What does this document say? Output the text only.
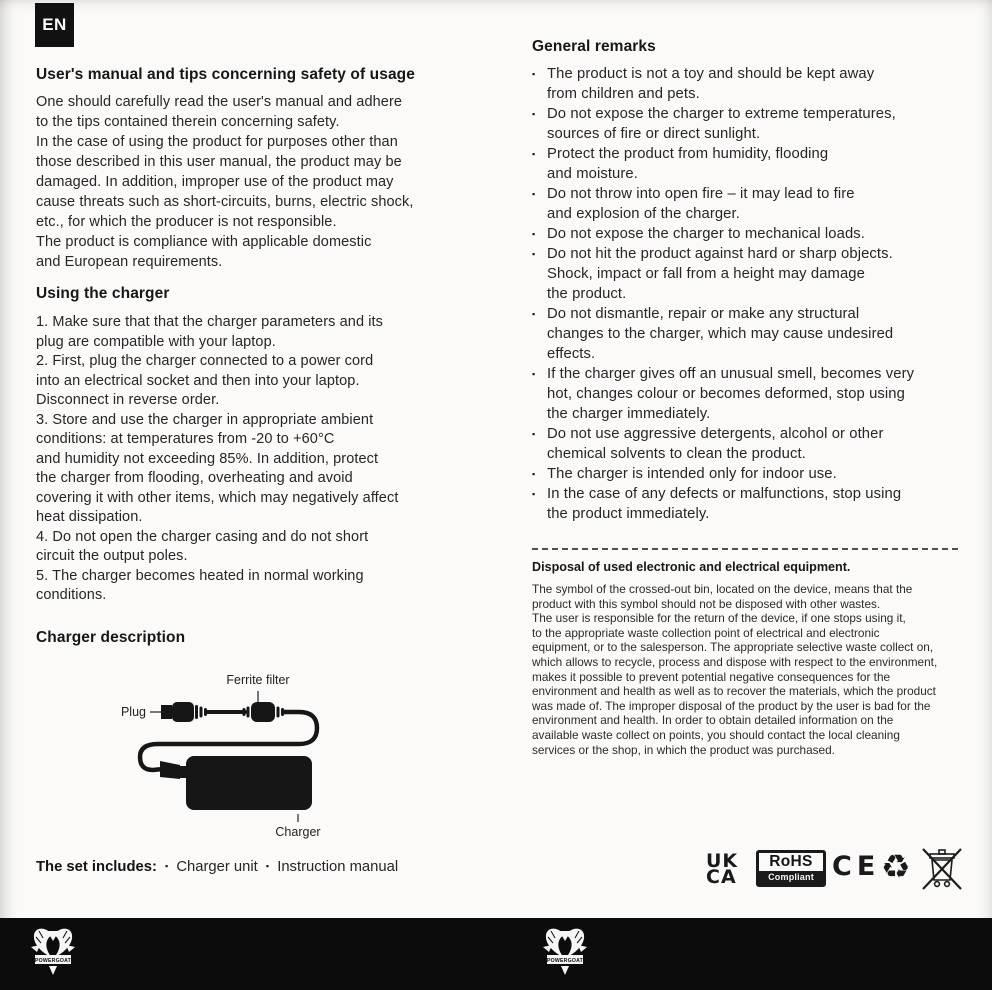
EN
User's manual and tips concerning safety of usage
One should carefully read the user's manual and adhere
to the tips contained therein concerning safety.
In the case of using the product for purposes other than
those described in this user manual, the product may be
damaged. In addition, improper use of the product may
cause threats such as short-circuits, burns, electric shock,
etc., for which the producer is not responsible.
The product is compliance with applicable domestic
and European requirements.
Using the charger
1. Make sure that that the charger parameters and its
plug are compatible with your laptop.
2. First, plug the charger connected to a power cord
into an electrical socket and then into your laptop.
Disconnect in reverse order.
3. Store and use the charger in appropriate ambient
conditions: at temperatures from -20 to +60°C
and humidity not exceeding 85%. In addition, protect
the charger from flooding, overheating and avoid
covering it with other items, which may negatively affect
heat dissipation.
4. Do not open the charger casing and do not short
circuit the output poles.
5. The charger becomes heated in normal working
conditions.
Charger description
Ferrite filter
Plug
Charger
The set includes: ▪ Charger unit ▪ Instruction manual
General remarks
▪ The product is not a toy and should be kept away
from children and pets.
▪ Do not expose the charger to extreme temperatures,
sources of fire or direct sunlight.
▪ Protect the product from humidity, flooding
and moisture.
▪ Do not throw into open fire – it may lead to fire
and explosion of the charger.
▪ Do not expose the charger to mechanical loads.
▪ Do not hit the product against hard or sharp objects.
Shock, impact or fall from a height may damage
the product.
▪ Do not dismantle, repair or make any structural
changes to the charger, which may cause undesired
effects.
▪ If the charger gives off an unusual smell, becomes very
hot, changes colour or becomes deformed, stop using
the charger immediately.
▪ Do not use aggressive detergents, alcohol or other
chemical solvents to clean the product.
▪ The charger is intended only for indoor use.
▪ In the case of any defects or malfunctions, stop using
the product immediately.
Disposal of used electronic and electrical equipment.
The symbol of the crossed-out bin, located on the device, means that the
product with this symbol should not be disposed with other wastes.
The user is responsible for the return of the device, if one stops using it,
to the appropriate waste collection point of electrical and electronic
equipment, or to the salesperson. The appropriate selective waste collect on,
which allows to recycle, process and dispose with respect to the environment,
makes it possible to prevent potential negative consequences for the
environment and health as well as to recover the materials, which the product
was made of. The improper disposal of the product by the user is bad for the
environment and health. In order to obtain detailed information on the
available waste collect on points, you should contact the local cleaning
services or the shop, in which the product was purchased.
UK
CA
RoHS
Compliant CE ♻
POWERGOAT	POWERGOAT
